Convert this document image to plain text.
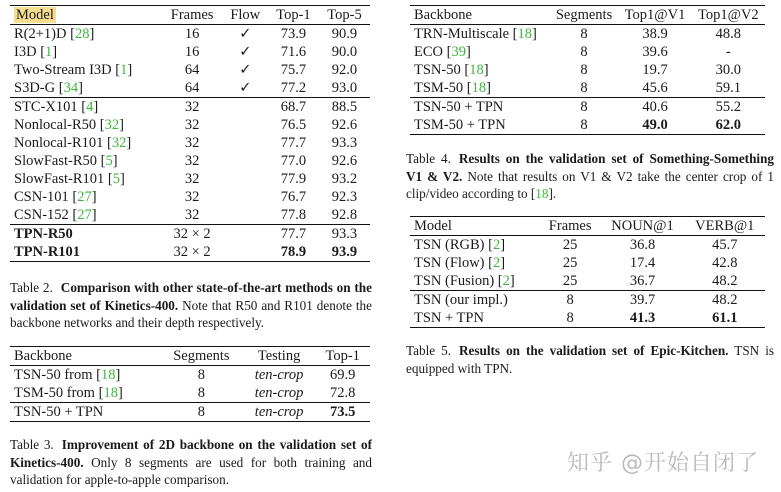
Model	Frames	Flow	Top-1	Top-5
R(2+1)D [28]	16	✓	73.9	90.9
I3D [1]	16	✓	71.6	90.0
Two-Stream I3D [1]	64	✓	75.7	92.0
S3D-G [34]	64	✓	77.2	93.0
STC-X101 [4]	32		68.7	88.5
Nonlocal-R50 [32]	32		76.5	92.6
Nonlocal-R101 [32]	32		77.7	93.3
SlowFast-R50 [5]	32		77.0	92.6
SlowFast-R101 [5]	32		77.9	93.2
CSN-101 [27]	32		76.7	92.3
CSN-152 [27]	32		77.8	92.8
TPN-R50	32 × 2		77.7	93.3
TPN-R101	32 × 2		78.9	93.9
Table 2. Comparison with other state-of-the-art methods on the validation set of Kinetics-400. Note that R50 and R101 denote the backbone networks and their depth respectively.
Backbone	Segments	Testing	Top-1
TSN-50 from [18]	8	ten-crop	69.9
TSM-50 from [18]	8	ten-crop	72.8
TSN-50 + TPN	8	ten-crop	73.5
Table 3. Improvement of 2D backbone on the validation set of Kinetics-400. Only 8 segments are used for both training and validation for apple-to-apple comparison.
Backbone	Segments	Top1@V1	Top1@V2
TRN-Multiscale [18]	8	38.9	48.8
ECO [39]	8	39.6	-
TSN-50 [18]	8	19.7	30.0
TSM-50 [18]	8	45.6	59.1
TSN-50 + TPN	8	40.6	55.2
TSM-50 + TPN	8	49.0	62.0
Table 4. Results on the validation set of Something-Something V1 & V2. Note that results on V1 & V2 take the center crop of 1 clip/video according to [18].
Model	Frames	NOUN@1	VERB@1
TSN (RGB) [2]	25	36.8	45.7
TSN (Flow) [2]	25	17.4	42.8
TSN (Fusion) [2]	25	36.7	48.2
TSN (our impl.)	8	39.7	48.2
TSN + TPN	8	41.3	61.1
Table 5. Results on the validation set of Epic-Kitchen. TSN is equipped with TPN.
知乎 @开始自闭了
